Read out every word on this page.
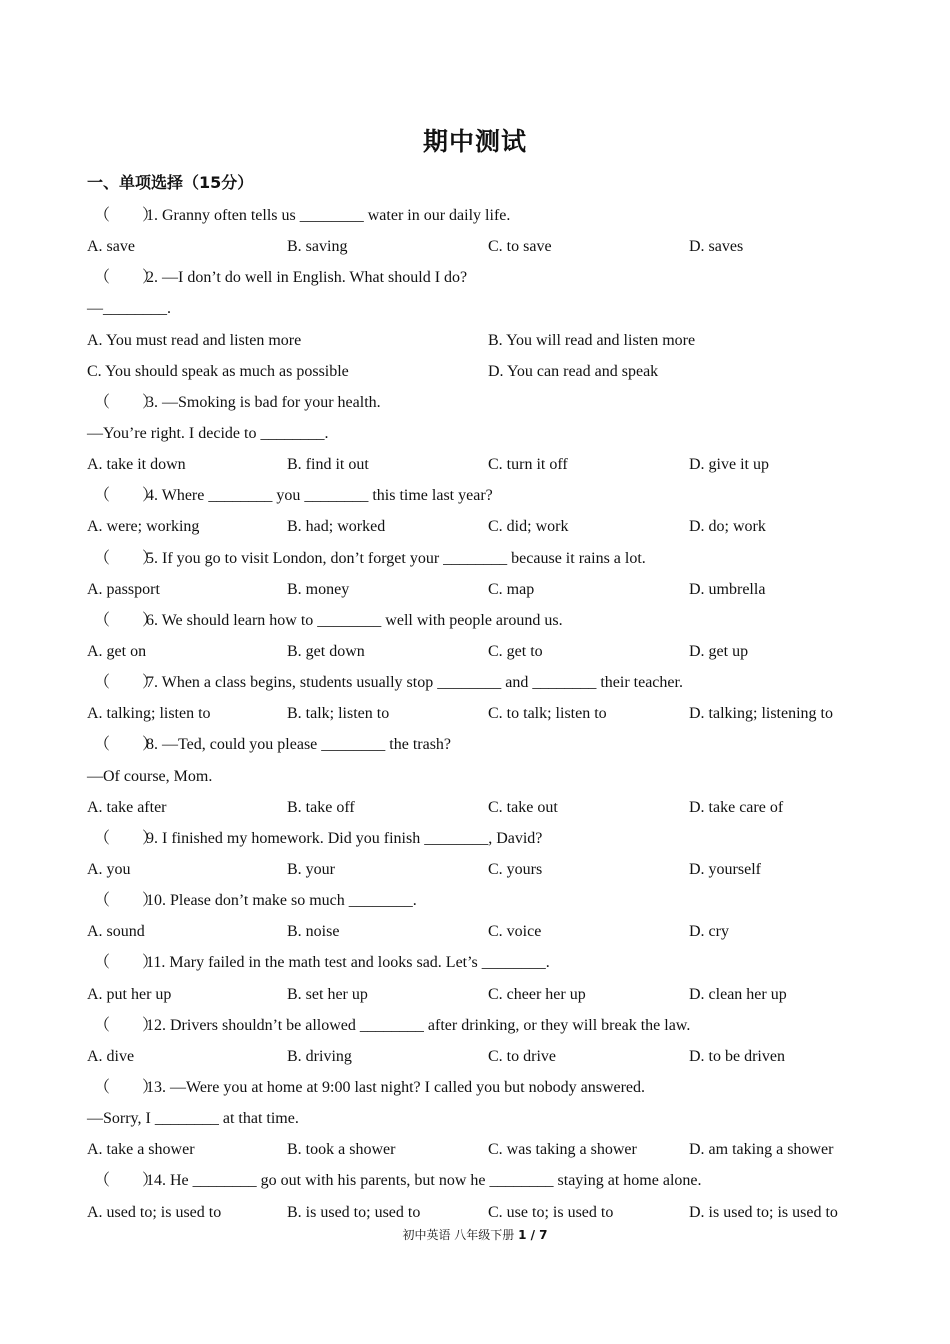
期中测试
一、单项选择（15分）
（　　）1. Granny often tells us ________ water in our daily life.
A. save	B. saving	C. to save	D. saves
（　　）2. —I don’t do well in English. What should I do?
—________.
A. You must read and listen more	B. You will read and listen more
C. You should speak as much as possible	D. You can read and speak
（　　）3. —Smoking is bad for your health.
—You’re right. I decide to ________.
A. take it down	B. find it out	C. turn it off	D. give it up
（　　）4. Where ________ you ________ this time last year?
A. were; working	B. had; worked	C. did; work	D. do; work
（　　）5. If you go to visit London, don’t forget your ________ because it rains a lot.
A. passport	B. money	C. map	D. umbrella
（　　）6. We should learn how to ________ well with people around us.
A. get on	B. get down	C. get to	D. get up
（　　）7. When a class begins, students usually stop ________ and ________ their teacher.
A. talking; listen to	B. talk; listen to	C. to talk; listen to	D. talking; listening to
（　　）8. —Ted, could you please ________ the trash?
—Of course, Mom.
A. take after	B. take off	C. take out	D. take care of
（　　）9. I finished my homework. Did you finish ________, David?
A. you	B. your	C. yours	D. yourself
（　　）10. Please don’t make so much ________.
A. sound	B. noise	C. voice	D. cry
（　　）11. Mary failed in the math test and looks sad. Let’s ________.
A. put her up	B. set her up	C. cheer her up	D. clean her up
（　　）12. Drivers shouldn’t be allowed ________ after drinking, or they will break the law.
A. dive	B. driving	C. to drive	D. to be driven
（　　）13. —Were you at home at 9:00 last night? I called you but nobody answered.
—Sorry, I ________ at that time.
A. take a shower	B. took a shower	C. was taking a shower	D. am taking a shower
（　　）14. He ________ go out with his parents, but now he ________ staying at home alone.
A. used to; is used to	B. is used to; used to	C. use to; is used to	D. is used to; is used to
初中英语 八年级下册 1 / 7
